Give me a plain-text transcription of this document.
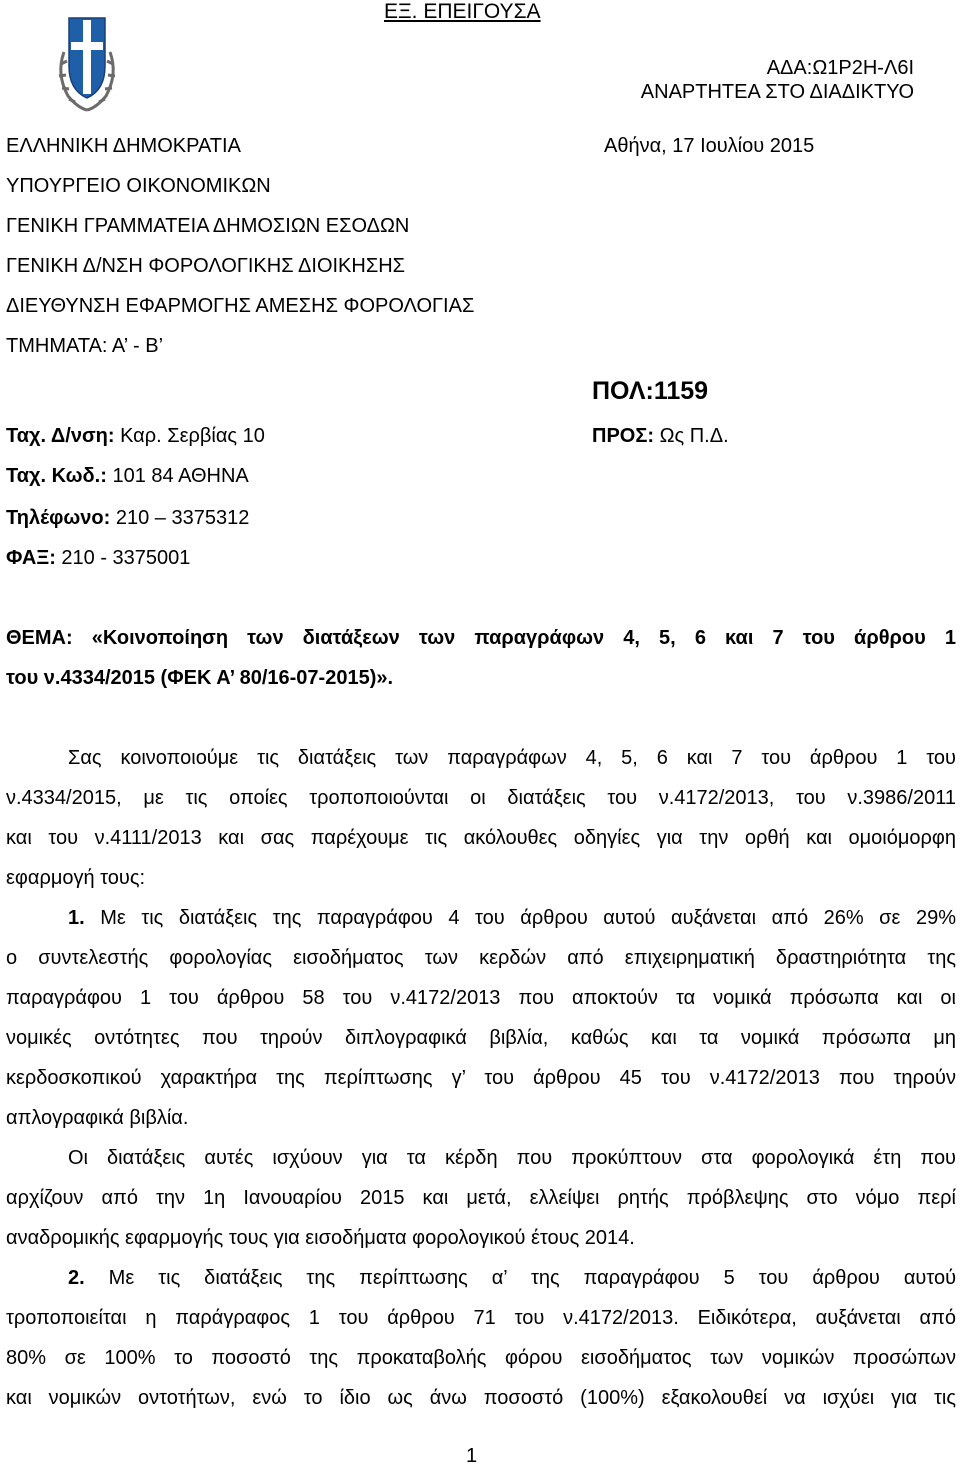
ΕΞ. ΕΠΕΙΓΟΥΣΑ
ΑΔΑ:Ω1Ρ2Η-Λ6Ι
ΑΝΑΡΤΗΤΕΑ ΣΤΟ ΔΙΑΔΙΚΤΥΟ
Αθήνα, 17 Ιουλίου 2015
ΕΛΛΗΝΙΚΗ ΔΗΜΟΚΡΑΤΙΑ
ΥΠΟΥΡΓΕΙΟ ΟΙΚΟΝΟΜΙΚΩΝ
ΓΕΝΙΚΗ ΓΡΑΜΜΑΤΕΙΑ ΔΗΜΟΣΙΩΝ ΕΣΟΔΩΝ
ΓΕΝΙΚΗ Δ/ΝΣΗ ΦΟΡΟΛΟΓΙΚΗΣ ΔΙΟΙΚΗΣΗΣ
ΔΙΕΥΘΥΝΣΗ ΕΦΑΡΜΟΓΗΣ ΑΜΕΣΗΣ ΦΟΡΟΛΟΓΙΑΣ
ΤΜΗΜΑΤΑ: Α’ - Β’
ΠΟΛ:1159
Ταχ. Δ/νση: Καρ. Σερβίας 10	ΠΡΟΣ: Ως Π.Δ.
Ταχ. Κωδ.: 101 84 ΑΘΗΝΑ
Τηλέφωνο: 210 – 3375312
ΦΑΞ: 210 - 3375001
ΘΕΜΑ: «Κοινοποίηση των διατάξεων των παραγράφων 4, 5, 6 και 7 του άρθρου 1
του ν.4334/2015 (ΦΕΚ Α’ 80/16-07-2015)».
Σας κοινοποιούμε τις διατάξεις των παραγράφων 4, 5, 6 και 7 του άρθρου 1 του
ν.4334/2015, με τις οποίες τροποποιούνται οι διατάξεις του ν.4172/2013, του ν.3986/2011
και του ν.4111/2013 και σας παρέχουμε τις ακόλουθες οδηγίες για την ορθή και ομοιόμορφη
εφαρμογή τους:
1. Με τις διατάξεις της παραγράφου 4 του άρθρου αυτού αυξάνεται από 26% σε 29%
ο συντελεστής φορολογίας εισοδήματος των κερδών από επιχειρηματική δραστηριότητα της
παραγράφου 1 του άρθρου 58 του ν.4172/2013 που αποκτούν τα νομικά πρόσωπα και οι
νομικές οντότητες που τηρούν διπλογραφικά βιβλία, καθώς και τα νομικά πρόσωπα μη
κερδοσκοπικού χαρακτήρα της περίπτωσης γ’ του άρθρου 45 του ν.4172/2013 που τηρούν
απλογραφικά βιβλία.
Οι διατάξεις αυτές ισχύουν για τα κέρδη που προκύπτουν στα φορολογικά έτη που
αρχίζουν από την 1η Ιανουαρίου 2015 και μετά, ελλείψει ρητής πρόβλεψης στο νόμο περί
αναδρομικής εφαρμογής τους για εισοδήματα φορολογικού έτους 2014.
2. Με τις διατάξεις της περίπτωσης α’ της παραγράφου 5 του άρθρου αυτού
τροποποιείται η παράγραφος 1 του άρθρου 71 του ν.4172/2013. Ειδικότερα, αυξάνεται από
80% σε 100% το ποσοστό της προκαταβολής φόρου εισοδήματος των νομικών προσώπων
και νομικών οντοτήτων, ενώ το ίδιο ως άνω ποσοστό (100%) εξακολουθεί να ισχύει για τις
1
